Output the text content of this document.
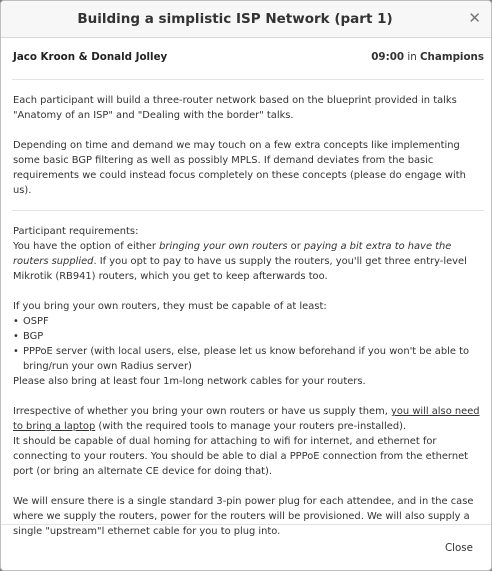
Building a simplistic ISP Network (part 1)	✕
Jaco Kroon & Donald Jolley	09:00 in Champions

Each participant will build a three-router network based on the blueprint provided in talks "Anatomy of an ISP" and "Dealing with the border" talks.

Depending on time and demand we may touch on a few extra concepts like implementing some basic BGP filtering as well as possibly MPLS. If demand deviates from the basic requirements we could instead focus completely on these concepts (please do engage with us).

Participant requirements:

You have the option of either bringing your own routers or paying a bit extra to have the routers supplied. If you opt to pay to have us supply the routers, you'll get three entry-level Mikrotik (RB941) routers, which you get to keep afterwards too.

If you bring your own routers, they must be capable of at least:

• OSPF
• BGP
• PPPoE server (with local users, else, please let us know beforehand if you won't be able to bring/run your own Radius server)

Please also bring at least four 1m-long network cables for your routers.

Irrespective of whether you bring your own routers or have us supply them, you will also need to bring a laptop (with the required tools to manage your routers pre-installed).

It should be capable of dual homing for attaching to wifi for internet, and ethernet for connecting to your routers. You should be able to dial a PPPoE connection from the ethernet port (or bring an alternate CE device for doing that).

We will ensure there is a single standard 3-pin power plug for each attendee, and in the case where we supply the routers, power for the routers will be provisioned. We will also supply a single "upstream"l ethernet cable for you to plug into.

Close
